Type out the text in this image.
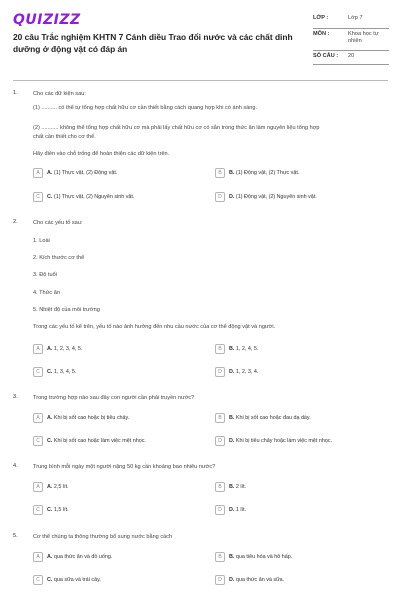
QUIZIZZ
20 câu Trắc nghiệm KHTN 7 Cánh diều Trao đổi nước và các chất dinh dưỡng ở động vật có đáp án
LỚP :	Lớp 7
MÔN :	Khoa học tự nhiên
SỐ CÂU : 20
1.	Cho các dữ kiện sau:
(1) .......... có thể tự tổng hợp chất hữu cơ cần thiết bằng cách quang hợp khi có ánh sáng.
(2) ........... không thể tổng hợp chất hữu cơ mà phải lấy chất hữu cơ có sẵn trong thức ăn làm nguyên liệu tổng hợp
chất cần thiết cho cơ thể.
Hãy điền vào chỗ trống để hoàn thiện các dữ kiện trên.
A	A. (1) Thực vật, (2) Động vật.	B	B. (1) Động vật, (2) Thực vật.
C	C. (1) Thực vật, (2) Nguyên sinh vật.	D	D. (1) Động vật, (2) Nguyên sinh vật.
2.	Cho các yếu tố sau:
1. Loài
2. Kích thước cơ thể
3. Độ tuổi
4. Thức ăn
5. Nhiệt độ của môi trường
Trong các yếu tố kể trên, yếu tố nào ảnh hưởng đến nhu cầu nước của cơ thể động vật và người.
A	A. 1, 2, 3, 4, 5.	B	B. 1, 2, 4, 5.
C	C. 1, 3, 4, 5.	D	D. 1, 2, 3, 4.
3.	Trong trường hợp nào sau đây con người cần phải truyền nước?
A	A. Khi bị sốt cao hoặc bị tiêu chảy.	B	B. Khi bị sốt cao hoặc đau dạ dày.
C	C. Khi bị sốt cao hoặc làm việc mệt nhọc.	D	D. Khi bị tiêu chảy hoặc làm việc mệt nhọc.
4.	Trung bình mỗi ngày một người nặng 50 kg cần khoảng bao nhiêu nước?
A	A. 2,5 lít.	B	B. 2 lít.
C	C. 1,5 lít.	D	D. 1 lít.
5.	Cơ thể chúng ta thông thường bổ sung nước bằng cách
A	A. qua thức ăn và đồ uống.	B	B. qua tiêu hóa và hô hấp.
C	C. qua sữa và trái cây.	D	D. qua thức ăn và sữa.
